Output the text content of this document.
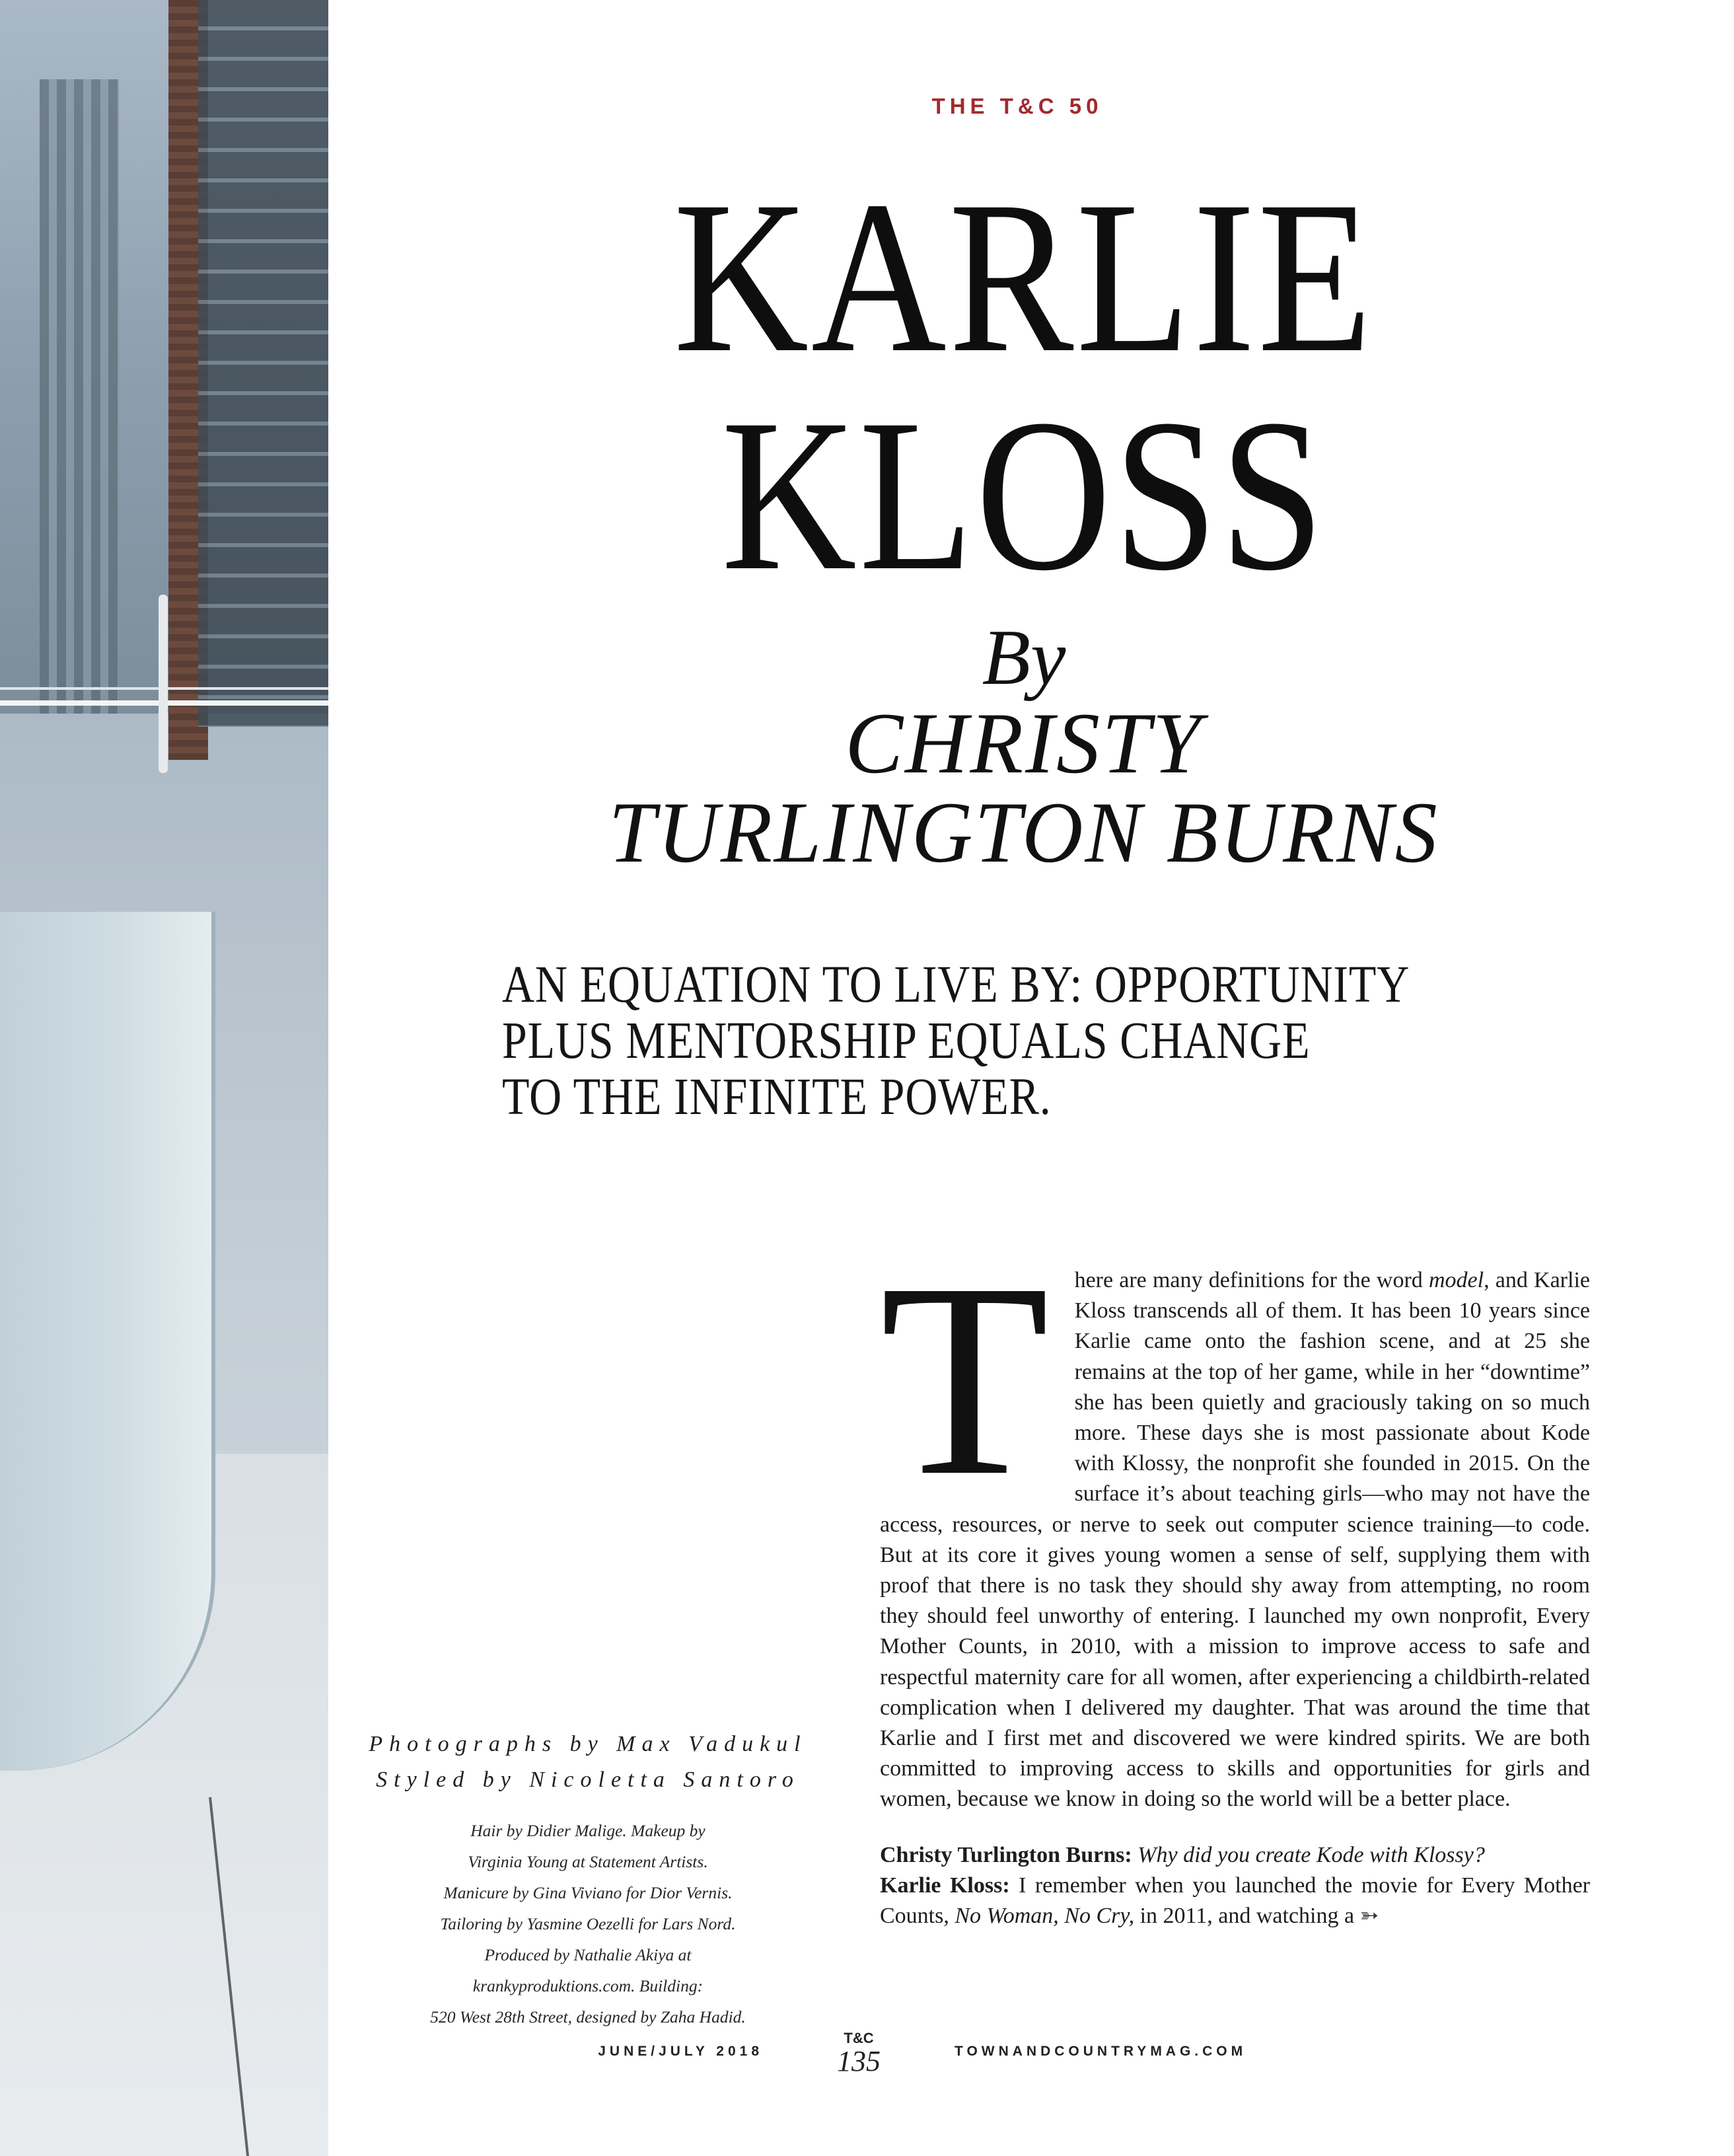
THE T&C 50
KARLIE
KLOSS
By
CHRISTY
TURLINGTON BURNS
AN EQUATION TO LIVE BY: OPPORTUNITY
PLUS MENTORSHIP EQUALS CHANGE
TO THE INFINITE POWER.
T	here are many definitions for the word model, and Karlie Kloss transcends all of them. It has been 10 years since Karlie came onto the fashion scene, and at 25 she remains at the top of her game, while in her “downtime” she has been quietly and graciously taking on so much more. These days she is most passionate about Kode with Klossy, the nonprofit she founded in 2015. On the surface it’s about teaching girls—who may not have the access, resources, or nerve to seek out computer science training—to code. But at its core it gives young women a sense of self, supplying them with proof that there is no task they should shy away from attempting, no room they should feel unworthy of entering. I launched my own nonprofit, Every Mother Counts, in 2010, with a mission to improve access to safe and respectful maternity care for all women, after experiencing a childbirth-related complication when I delivered my daughter. That was around the time that Karlie and I first met and discovered we were kindred spirits. We are both committed to improving access to skills and opportunities for girls and women, because we know in doing so the world will be a better place.

Christy Turlington Burns: Why did you create Kode with Klossy?

Karlie Kloss: I remember when you launched the movie for Every Mother Counts, No Woman, No Cry, in 2011, and watching a ➳

Photographs by Max Vadukul
Styled by Nicoletta Santoro
Hair by Didier Malige. Makeup by
Virginia Young at Statement Artists.
Manicure by Gina Viviano for Dior Vernis.
Tailoring by Yasmine Oezelli for Lars Nord.
Produced by Nathalie Akiya at
krankyproduktions.com. Building:
520 West 28th Street, designed by Zaha Hadid.
JUNE/JULY 2018
T&C
135	TOWNANDCOUNTRYMAG.COM
